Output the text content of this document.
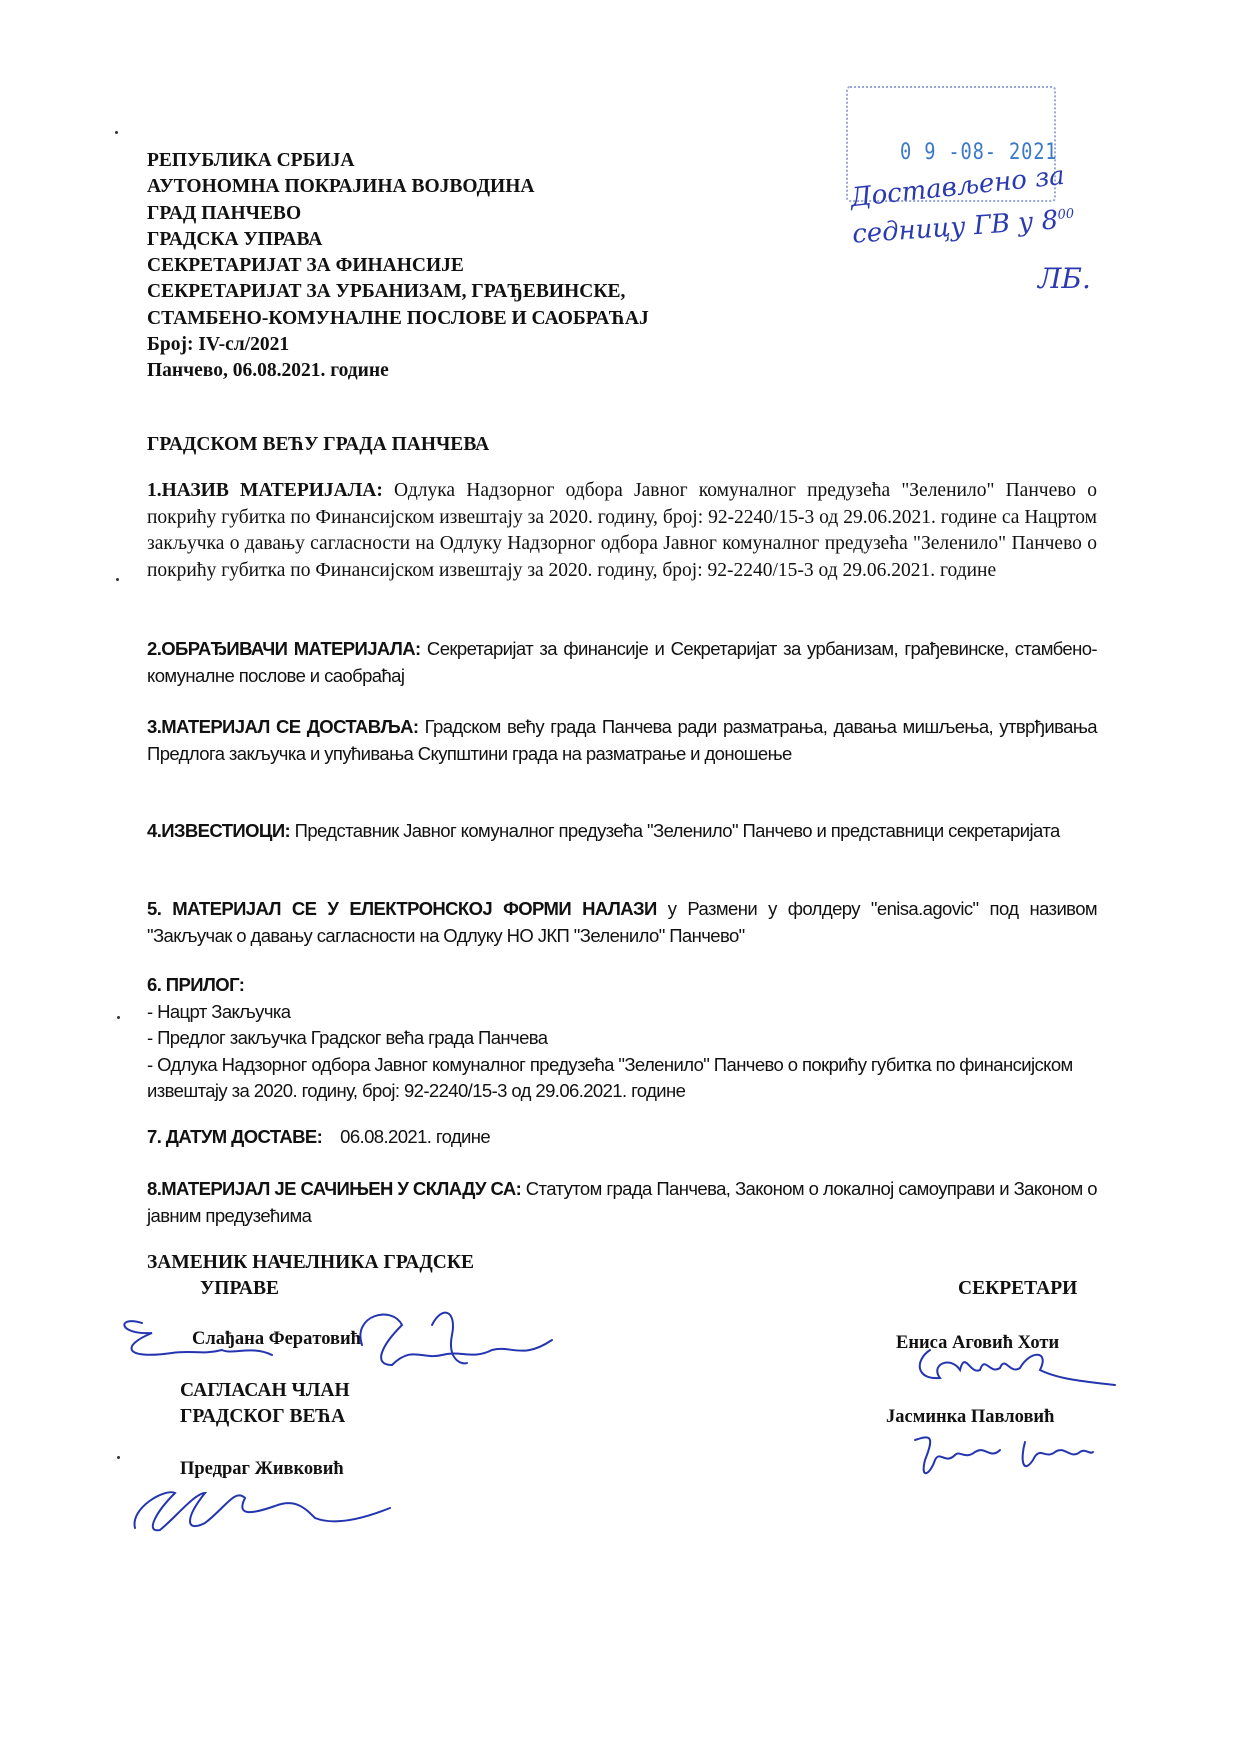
РЕПУБЛИКА СРБИЈА
АУТОНОМНА ПОКРАЈИНА ВОЈВОДИНА
ГРАД ПАНЧЕВО
ГРАДСКА УПРАВА
СЕКРЕТАРИЈАТ ЗА ФИНАНСИЈЕ
СЕКРЕТАРИЈАТ ЗА УРБАНИЗАМ, ГРАЂЕВИНСКЕ,
СТАМБЕНО-КОМУНАЛНЕ ПОСЛОВЕ И САОБРАЋАЈ
Број: IV-сл/2021
Панчево, 06.08.2021. године
0 9 -08- 2021
Достављено за
седницу ГВ у $8^{00}$
ЛБ.
ГРАДСКОМ ВЕЋУ ГРАДА ПАНЧЕВА
1.НАЗИВ МАТЕРИЈАЛА: Одлука Надзорног одбора Јавног комуналног предузећа "Зеленило" Панчево о покрићу губитка по Финансијском извештају за 2020. годину, број: 92-2240/15-3 од 29.06.2021. године са Нацртом закључка о давању сагласности на Одлуку Надзорног одбора Јавног комуналног предузећа "Зеленило" Панчево о покрићу губитка по Финансијском извештају за 2020. годину, број: 92-2240/15-3 од 29.06.2021. године
2.ОБРАЂИВАЧИ МАТЕРИЈАЛА: Секретаријат за финансије и Секретаријат за урбанизам, грађевинске, стамбено-комуналне послове и саобраћај
3.МАТЕРИЈАЛ СЕ ДОСТАВЉА: Градском већу града Панчева ради разматрања, давања мишљења, утврђивања Предлога закључка и упућивања Скупштини града на разматрање и доношење
4.ИЗВЕСТИОЦИ: Представник Јавног комуналног предузећа "Зеленило" Панчево и представници секретаријата
5. МАТЕРИЈАЛ СЕ У ЕЛЕКТРОНСКОЈ ФОРМИ НАЛАЗИ у Размени у фолдеру "enisa.agovic" под називом "Закључак о давању сагласности на Одлуку НО ЈКП "Зеленило" Панчево"
6. ПРИЛОГ:
- Нацрт Закључка
- Предлог закључка Градског већа града Панчева
- Одлука Надзорног одбора Јавног комуналног предузећа "Зеленило" Панчево о покрићу губитка по финансијском извештају за 2020. годину, број: 92-2240/15-3 од 29.06.2021. године
7. ДАТУМ ДОСТАВЕ: 06.08.2021. године
8.МАТЕРИЈАЛ ЈЕ САЧИЊЕН У СКЛАДУ СА: Статутом града Панчева, Законом о локалној самоуправи и Законом о јавним предузећима
ЗАМЕНИК НАЧЕЛНИКА ГРАДСКЕ
УПРАВЕ
Слађана Ферaтовић
САГЛАСАН ЧЛАН
ГРАДСКОГ ВЕЋА
Предраг Живковић
СЕКРЕТАРИ
Ениса Аговић Хоти
Јасминка Павловић
